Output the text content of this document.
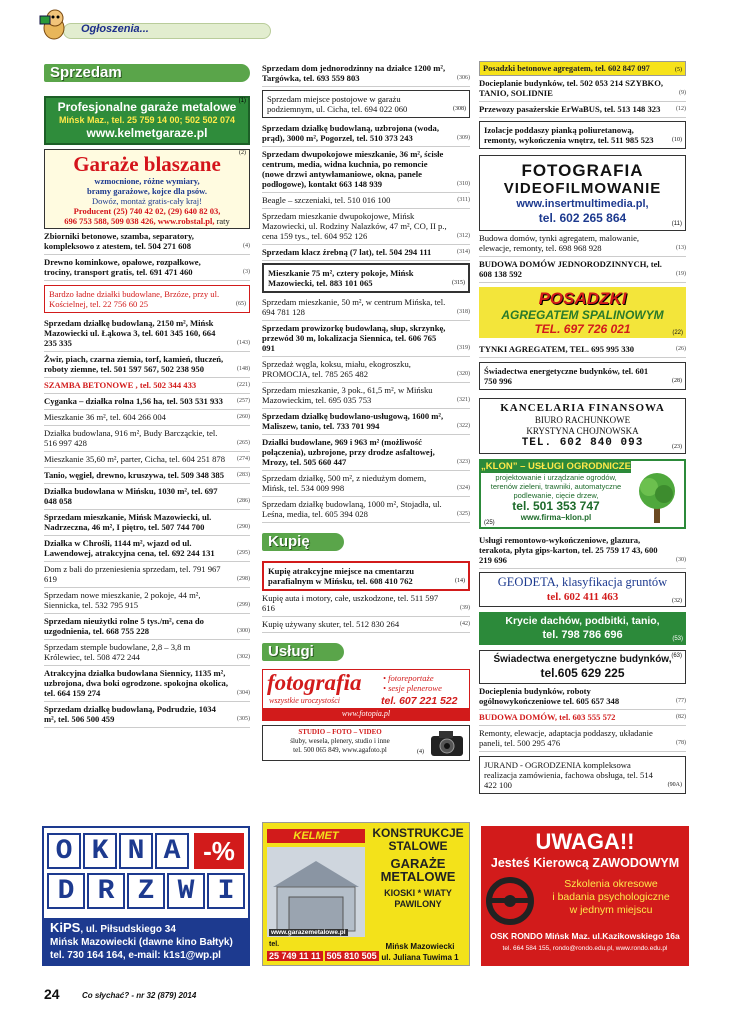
Ogłoszenia...
Sprzedam
(1)
Profesjonalne garaże metalowe
Mińsk Maz., tel. 25 759 14 00; 502 502 074
www.kelmetgaraze.pl
(2)
Garaże blaszane
wzmocnione, różne wymiary,
bramy garażowe, kojce dla psów.
Dowóz, montaż gratis-cały kraj!
Producent (25) 740 42 02, (29) 640 82 03,
696 753 588, 509 038 426, www.robstal.pl, raty
Zbiorniki betonowe, szamba, separatory, kompleksowo z atestem, tel. 504 271 608	(4)
Drewno kominkowe, opałowe, rozpałkowe, trociny, transport gratis, tel. 691 471 460	(3)
Bardzo ładne działki budowlane, Brzóze, przy ul. Kościelnej, tel. 22 756 60 25	(65)
Sprzedam działkę budowlaną, 2150 m², Mińsk Mazowiecki ul. Łąkowa 3, tel. 601 345 160, 664 235 335	(143)
Żwir, piach, czarna ziemia, torf, kamień, tłuczeń, roboty ziemne, tel. 501 597 567, 502 238 950	(148)
SZAMBA BETONOWE , tel. 502 344 433	(221)
Cyganka – działka rolna 1,56 ha, tel. 503 531 933	(257)
Mieszkanie 36 m², tel. 604 266 004	(260)
Działka budowlana, 916 m², Budy Barcząckie, tel. 516 997 428	(265)
Mieszkanie 35,60 m², parter, Cicha, tel. 604 251 878	(274)
Tanio, węgiel, drewno, kruszywa, tel. 509 348 385	(283)
Działka budowlana w Mińsku, 1030 m², tel. 697 048 058	(286)
Sprzedam mieszkanie, Mińsk Mazowiecki, ul. Nadrzeczna, 46 m², I piętro, tel. 507 744 700	(290)
Działka w Chrośli, 1144 m², wjazd od ul. Lawendowej, atrakcyjna cena, tel. 692 244 131	(295)
Dom z bali do przeniesienia sprzedam, tel. 791 967 619	(298)
Sprzedam nowe mieszkanie, 2 pokoje, 44 m², Siennicka, tel. 532 795 915	(299)
Sprzedam nieużytki rolne 5 tys./m², cena do uzgodnienia, tel. 668 755 228	(300)
Sprzedam stemple budowlane, 2,8 – 3,8 m Królewiec, tel. 508 472 244	(302)
Atrakcyjna działka budowlana Siennicy, 1135 m², uzbrojona, dwa boki ogrodzone. spokojna okolica, tel. 664 159 274	(304)
Sprzedam działkę budowlaną, Podrudzie, 1034 m², tel. 506 500 459	(305)
Sprzedam dom jednorodzinny na działce 1200 m², Targówka, tel. 693 559 803	(306)
Sprzedam miejsce postojowe w garażu podziemnym, ul. Cicha, tel. 694 022 060	(308)
Sprzedam działkę budowlaną, uzbrojona (woda, prąd), 3000 m², Pogorzel, tel. 510 373 243	(309)
Sprzedam dwupokojowe mieszkanie, 36 m², ścisłe centrum, media, widna kuchnia, po remoncie (nowe drzwi antywłamaniowe, okna, panele podłogowe), kontakt 663 148 939	(310)
Beagle – szczeniaki, tel. 510 016 100	(311)
Sprzedam mieszkanie dwupokojowe, Mińsk Mazowiecki, ul. Rodziny Nalazków, 47 m², CO, II p., cena 159 tys., tel. 604 952 126	(312)
Sprzedam klacz źrebną (7 lat), tel. 504 294 111	(314)
Mieszkanie 75 m², cztery pokoje, Mińsk Mazowiecki, tel. 883 101 065	(315)
Sprzedam mieszkanie, 50 m², w centrum Mińska, tel. 694 781 128	(318)
Sprzedam prowizorkę budowlaną, słup, skrzynkę, przewód 30 m, lokalizacja Siennica, tel. 606 765 091	(319)
Sprzedaż węgla, koksu, miału, ekogroszku, PROMOCJA, tel. 785 265 482	(320)
Sprzedam mieszkanie, 3 pok., 61,5 m², w Mińsku Mazowieckim, tel. 695 035 753	(321)
Sprzedam działkę budowlano-usługową, 1600 m², Maliszew, tanio, tel. 733 701 994	(322)
Działki budowlane, 969 i 963 m² (możliwość połączenia), uzbrojone, przy drodze asfaltowej, Mrozy, tel. 505 660 447	(323)
Sprzedam działkę, 500 m², z niedużym domem, Mińsk, tel. 534 009 998	(324)
Sprzedam działkę budowlaną, 1000 m², Stojadła, ul. Leśna, media, tel. 605 394 028	(325)
Kupię
Kupię atrakcyjne miejsce na cmentarzu parafialnym w Mińsku, tel. 608 410 762	(14)
Kupię auta i motory, całe, uszkodzone, tel. 511 597 616	(39)
Kupię używany skuter, tel. 512 830 264	(42)
Usługi
fotografia
wszystkie uroczystości
• fotoreportaże
• sesje plenerowe
tel. 607 221 522
www.fotopia.pl
STUDIO – FOTO – VIDEO
śluby, wesela, plenery, studio i inne
tel. 500 065 849, www.agafoto.pl	(4)
Posadzki betonowe agregatem, tel. 602 847 097	(5)
Docieplanie budynków, tel. 502 053 214 SZYBKO, TANIO, SOLIDNIE	(9)
Przewozy pasażerskie ErWaBUS, tel. 513 148 323	(12)
Izolacje poddaszy pianką poliuretanową, remonty, wykończenia wnętrz, tel. 511 985 523	(10)
FOTOGRAFIA
VIDEOFILMOWANIE
www.insertmultimedia.pl,
tel. 602 265 864	(11)
Budowa domów, tynki agregatem, malowanie, elewacje, remonty, tel. 698 968 928	(13)
BUDOWA DOMÓW JEDNORODZINNYCH, tel. 608 138 592	(19)
POSADZKI
AGREGATEM SPALINOWYM
TEL. 697 726 021	(22)
TYNKI AGREGATEM, TEL. 695 995 330	(26)
Świadectwa energetyczne budynków, tel. 601 750 996	(28)
KANCELARIA FINANSOWA
BIURO RACHUNKOWE
KRYSTYNA CHOJNOWSKA
TEL. 602 840 093	(23)
„KLON” – USŁUGI OGRODNICZE
projektowanie i urządzanie ogrodów,
terenów zieleni, trawniki, automatyczne
podlewanie, cięcie drzew,
tel. 501 353 747
www.firma–klon.pl
(25)
Usługi remontowo-wykończeniowe, glazura, terakota, płyta gips-karton, tel. 25 759 17 43, 600 219 696	(30)
GEODETA, klasyfikacja gruntów
tel. 602 411 463	(32)
Krycie dachów, podbitki, tanio,
tel. 798 786 696	(53)
Świadectwa energetyczne budynków,
tel.605 629 225
(63)
Docieplenia budynków, roboty ogólnowykończeniowe tel. 605 657 348	(77)
BUDOWA DOMÓW, tel. 603 555 572	(82)
Remonty, elewacje, adaptacja poddaszy, układanie paneli, tel. 500 295 476	(78)
JURAND - OGRODZENIA kompleksowa realizacja zamówienia, fachowa obsługa, tel. 514 422 100	(90A)
O K N A -%
D R Z W I
KiPS, ul. Piłsudskiego 34
Mińsk Mazowiecki (dawne kino Bałtyk)
tel. 730 164 164, e-mail: k1s1@wp.pl
KELMET
www.garazemetalowe.pl
KONSTRUKCJE
STALOWE
GARAŻE
METALOWE
KIOSKI * WIATY
PAWILONY
tel.
25 749 11 11 505 810 505
Mińsk Mazowiecki
ul. Juliana Tuwima 1
UWAGA!!
Jesteś Kierowcą ZAWODOWYM
Szkolenia okresowe
i badania psychologiczne
w jednym miejscu
OSK RONDO Mińsk Maz. ul.Kazikowskiego 16a
tel. 664 584 155, rondo@rondo.edu.pl, www.rondo.edu.pl
24	Co słychać? - nr 32 (879) 2014
